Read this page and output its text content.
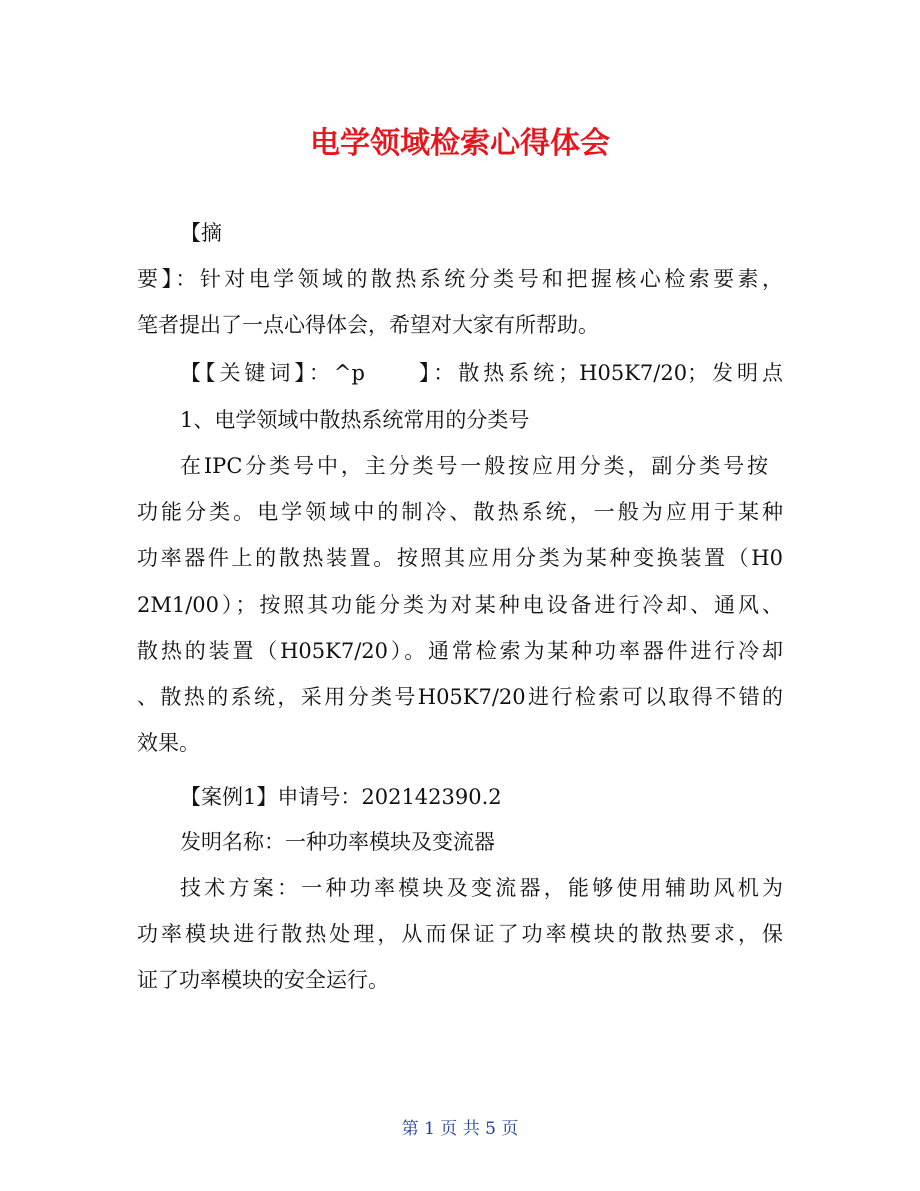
电学领域检索心得体会
【摘
要】：针对电学领域的散热系统分类号和把握核心检索要素，
笔者提出了一点心得体会，希望对大家有所帮助。
【【关键词】：^p　　】：散热系统；H05K7/20；发明点
1、电学领域中散热系统常用的分类号
在IPC分类号中，主分类号一般按应用分类，副分类号按
功能分类。电学领域中的制冷、散热系统，一般为应用于某种
功率器件上的散热装置。按照其应用分类为某种变换装置（H0
2M1/00）；按照其功能分类为对某种电设备进行冷却、通风、
散热的装置（H05K7/20）。通常检索为某种功率器件进行冷却
、散热的系统，采用分类号H05K7/20进行检索可以取得不错的
效果。
【案例1】申请号：202142390.2
发明名称：一种功率模块及变流器
技术方案：一种功率模块及变流器，能够使用辅助风机为
功率模块进行散热处理，从而保证了功率模块的散热要求，保
证了功率模块的安全运行。
第 1 页 共 5 页
